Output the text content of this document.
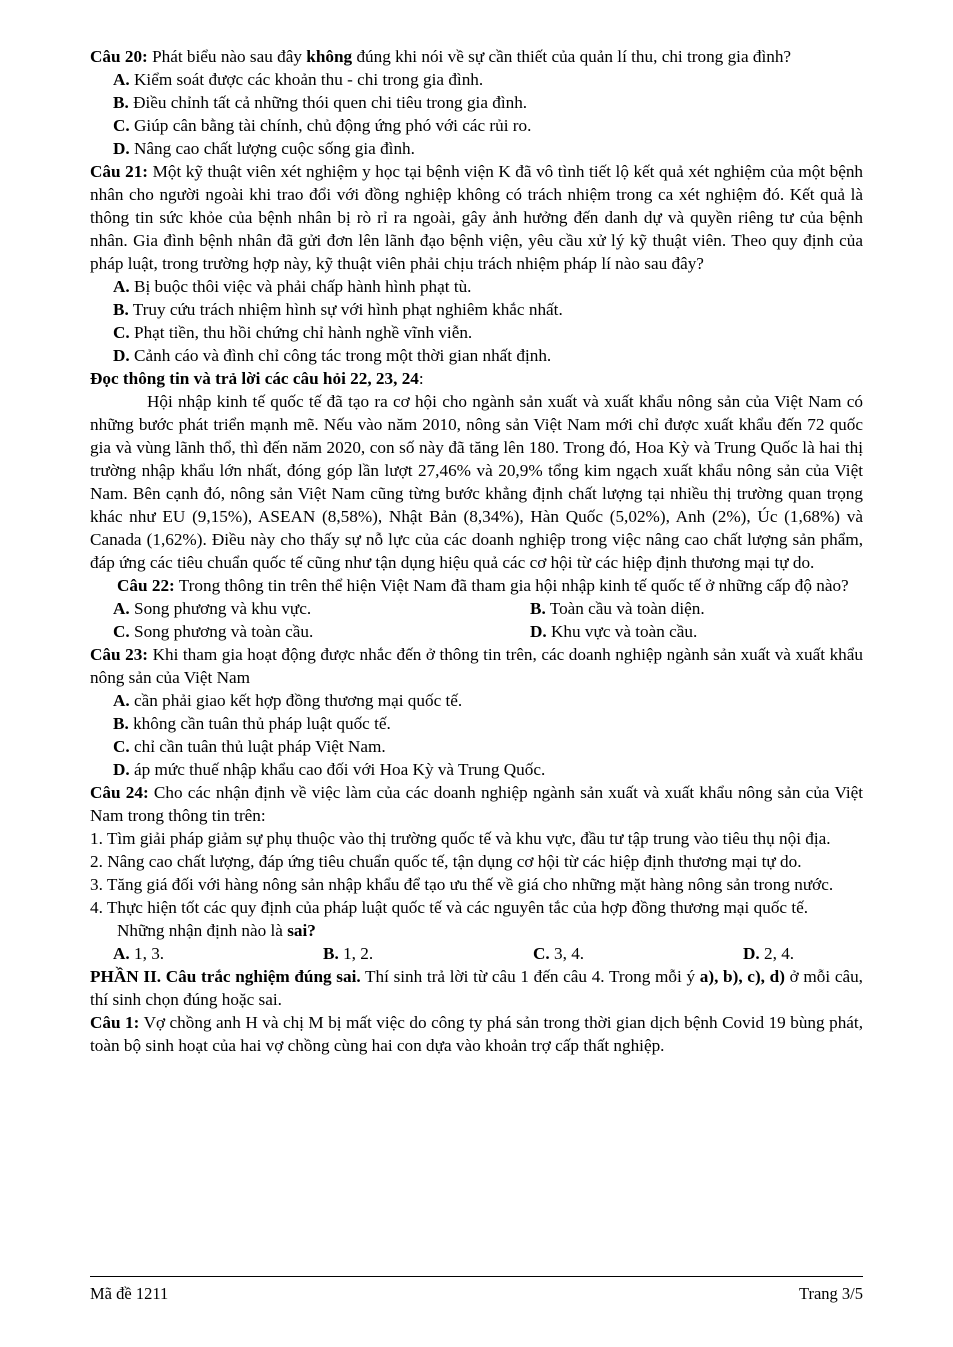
Câu 20: Phát biểu nào sau đây không đúng khi nói về sự cần thiết của quản lí thu, chi trong gia đình?

A. Kiểm soát được các khoản thu - chi trong gia đình.

B. Điều chỉnh tất cả những thói quen chi tiêu trong gia đình.

C. Giúp cân bằng tài chính, chủ động ứng phó với các rủi ro.

D. Nâng cao chất lượng cuộc sống gia đình.

Câu 21: Một kỹ thuật viên xét nghiệm y học tại bệnh viện K đã vô tình tiết lộ kết quả xét nghiệm của một bệnh nhân cho người ngoài khi trao đổi với đồng nghiệp không có trách nhiệm trong ca xét nghiệm đó. Kết quả là thông tin sức khỏe của bệnh nhân bị rò rỉ ra ngoài, gây ảnh hưởng đến danh dự và quyền riêng tư của bệnh nhân. Gia đình bệnh nhân đã gửi đơn lên lãnh đạo bệnh viện, yêu cầu xử lý kỹ thuật viên. Theo quy định của pháp luật, trong trường hợp này, kỹ thuật viên phải chịu trách nhiệm pháp lí nào sau đây?

A. Bị buộc thôi việc và phải chấp hành hình phạt tù.

B. Truy cứu trách nhiệm hình sự với hình phạt nghiêm khắc nhất.

C. Phạt tiền, thu hồi chứng chỉ hành nghề vĩnh viễn.

D. Cảnh cáo và đình chỉ công tác trong một thời gian nhất định.

Đọc thông tin và trả lời các câu hỏi 22, 23, 24:

Hội nhập kinh tế quốc tế đã tạo ra cơ hội cho ngành sản xuất và xuất khẩu nông sản của Việt Nam có những bước phát triển mạnh mẽ. Nếu vào năm 2010, nông sản Việt Nam mới chỉ được xuất khẩu đến 72 quốc gia và vùng lãnh thổ, thì đến năm 2020, con số này đã tăng lên 180. Trong đó, Hoa Kỳ và Trung Quốc là hai thị trường nhập khẩu lớn nhất, đóng góp lần lượt 27,46% và 20,9% tổng kim ngạch xuất khẩu nông sản của Việt Nam. Bên cạnh đó, nông sản Việt Nam cũng từng bước khẳng định chất lượng tại nhiều thị trường quan trọng khác như EU (9,15%), ASEAN (8,58%), Nhật Bản (8,34%), Hàn Quốc (5,02%), Anh (2%), Úc (1,68%) và Canada (1,62%). Điều này cho thấy sự nỗ lực của các doanh nghiệp trong việc nâng cao chất lượng sản phẩm, đáp ứng các tiêu chuẩn quốc tế cũng như tận dụng hiệu quả các cơ hội từ các hiệp định thương mại tự do.

Câu 22: Trong thông tin trên thể hiện Việt Nam đã tham gia hội nhập kinh tế quốc tế ở những cấp độ nào?

A. Song phương và khu vực.	B. Toàn cầu và toàn diện.

C. Song phương và toàn cầu.	D. Khu vực và toàn cầu.

Câu 23: Khi tham gia hoạt động được nhắc đến ở thông tin trên, các doanh nghiệp ngành sản xuất và xuất khẩu nông sản của Việt Nam

A. cần phải giao kết hợp đồng thương mại quốc tế.

B. không cần tuân thủ pháp luật quốc tế.

C. chỉ cần tuân thủ luật pháp Việt Nam.

D. áp mức thuế nhập khẩu cao đối với Hoa Kỳ và Trung Quốc.

Câu 24: Cho các nhận định về việc làm của các doanh nghiệp ngành sản xuất và xuất khẩu nông sản của Việt Nam trong thông tin trên:

1. Tìm giải pháp giảm sự phụ thuộc vào thị trường quốc tế và khu vực, đầu tư tập trung vào tiêu thụ nội địa.

2. Nâng cao chất lượng, đáp ứng tiêu chuẩn quốc tế, tận dụng cơ hội từ các hiệp định thương mại tự do.

3. Tăng giá đối với hàng nông sản nhập khẩu để tạo ưu thế về giá cho những mặt hàng nông sản trong nước.

4. Thực hiện tốt các quy định của pháp luật quốc tế và các nguyên tắc của hợp đồng thương mại quốc tế.

Những nhận định nào là sai?

A. 1, 3.	B. 1, 2.	C. 3, 4.	D. 2, 4.

PHẦN II. Câu trắc nghiệm đúng sai. Thí sinh trả lời từ câu 1 đến câu 4. Trong mỗi ý a), b), c), d) ở mỗi câu, thí sinh chọn đúng hoặc sai.

Câu 1: Vợ chồng anh H và chị M bị mất việc do công ty phá sản trong thời gian dịch bệnh Covid 19 bùng phát, toàn bộ sinh hoạt của hai vợ chồng cùng hai con dựa vào khoản trợ cấp thất nghiệp.

Mã đề 1211	Trang 3/5
